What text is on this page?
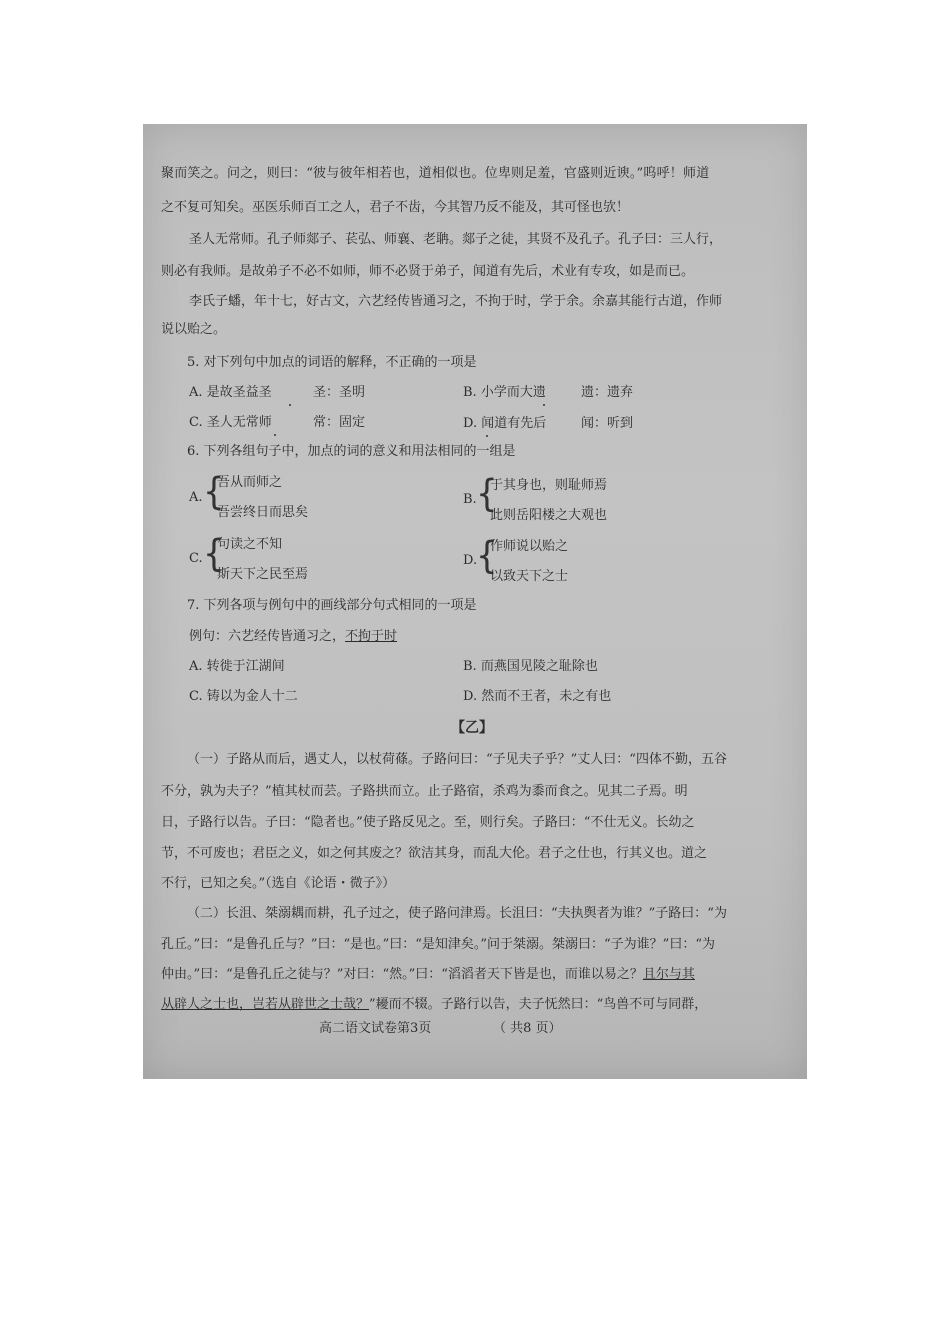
聚而笑之。问之，则曰：“彼与彼年相若也，道相似也。位卑则足羞，官盛则近谀。”呜呼！师道
之不复可知矣。巫医乐师百工之人，君子不齿，今其智乃反不能及，其可怪也欤！
圣人无常师。孔子师郯子、苌弘、师襄、老聃。郯子之徒，其贤不及孔子。孔子曰：三人行，
则必有我师。是故弟子不必不如师，师不必贤于弟子，闻道有先后，术业有专攻，如是而已。
李氏子蟠，年十七，好古文，六艺经传皆通习之，不拘于时，学于余。余嘉其能行古道，作师
说以贻之。
5. 对下列句中加点的词语的解释，不正确的一项是
A. 是故圣益圣	圣：圣明	B. 小学而大遗	遗：遗弃
C. 圣人无常师	常：固定	D. 闻道有先后	闻：听到
6. 下列各组句子中，加点的词的意义和用法相同的一组是
A. {
吾从而师之
吾尝终日而思矣
B. {
于其身也，则耻师焉
此则岳阳楼之大观也
C. {
句读之不知
斯天下之民至焉
D.
{
作师说以贻之
以致天下之士
7. 下列各项与例句中的画线部分句式相同的一项是
例句：六艺经传皆通习之，不拘于时
A. 转徙于江湖间	B. 而燕国见陵之耻除也
C. 铸以为金人十二	D. 然而不王者，未之有也
【乙】
（一）子路从而后，遇丈人，以杖荷蓧。子路问曰：“子见夫子乎？”丈人曰：“四体不勤，五谷
不分，孰为夫子？”植其杖而芸。子路拱而立。止子路宿，杀鸡为黍而食之。见其二子焉。明
日，子路行以告。子曰：“隐者也。”使子路反见之。至，则行矣。子路曰：“不仕无义。长幼之
节，不可废也；君臣之义，如之何其废之？欲洁其身，而乱大伦。君子之仕也，行其义也。道之
不行，已知之矣。”（选自《论语・微子》）
（二）长沮、桀溺耦而耕，孔子过之，使子路问津焉。长沮曰：“夫执舆者为谁？”子路曰：“为
孔丘。”曰：“是鲁孔丘与？”曰：“是也。”曰：“是知津矣。”问于桀溺。桀溺曰：“子为谁？”曰：“为
仲由。”曰：“是鲁孔丘之徒与？”对曰：“然。”曰：“滔滔者天下皆是也，而谁以易之？且尔与其
从辟人之士也，岂若从辟世之士哉？”耰而不辍。子路行以告，夫子怃然曰：“鸟兽不可与同群，
高二语文试卷第3页	（ 共8 页）
